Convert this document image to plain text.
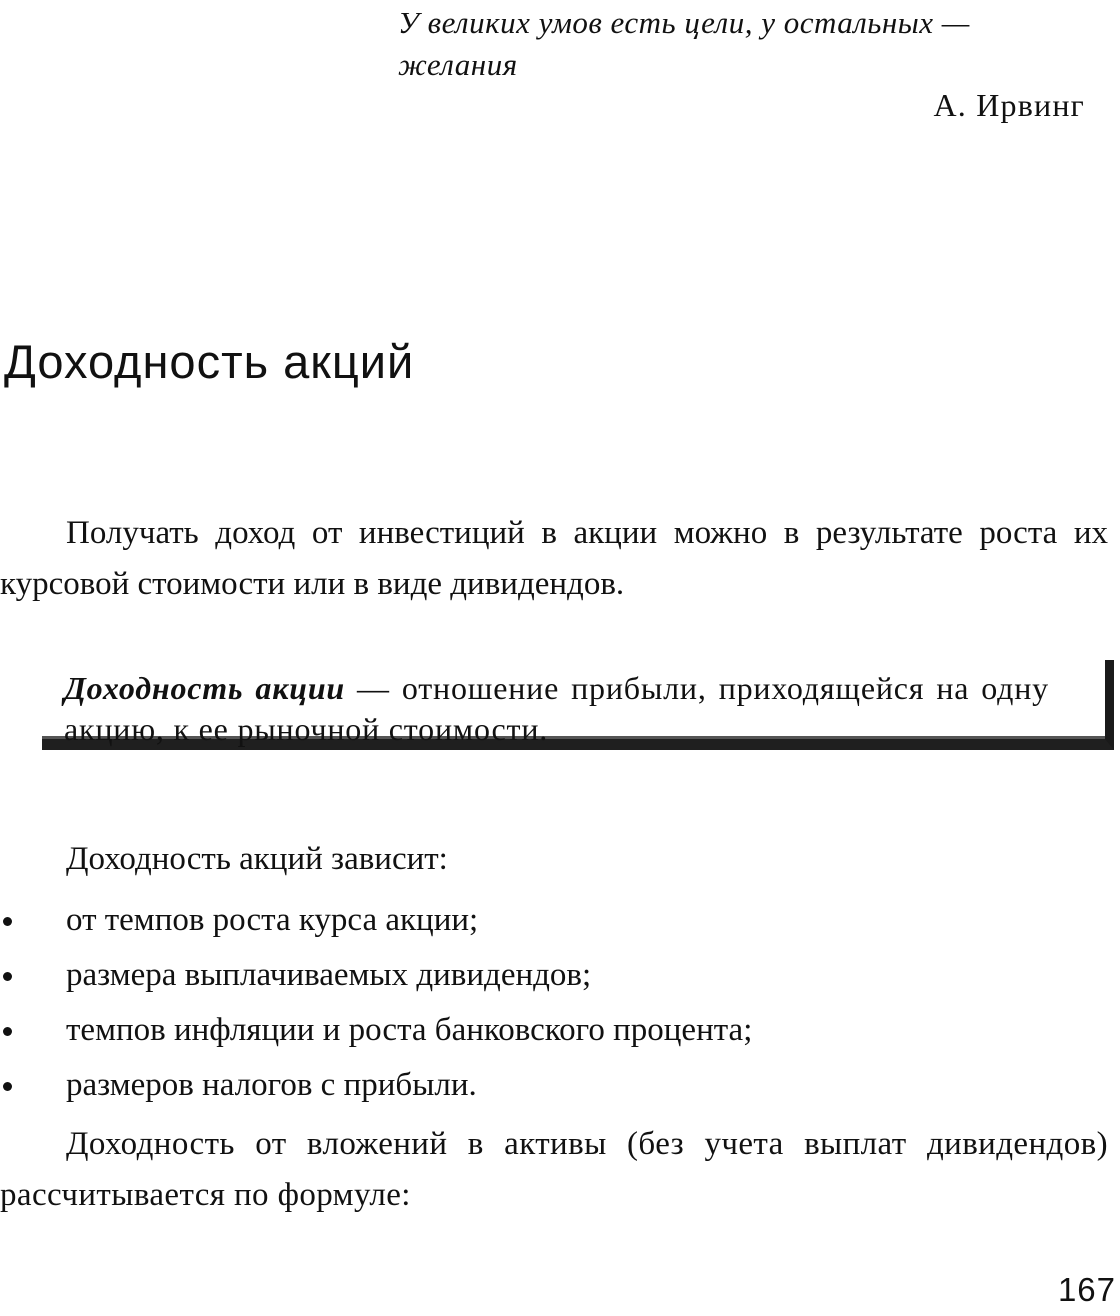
У великих умов есть цели, у остальных —
желания
А. Ирвинг
Доходность акций

Получать доход от инвестиций в акции можно в результате роста их курсовой стоимости или в виде дивидендов.

Доходность акции — отношение прибыли, приходящейся на одну акцию, к ее рыночной стоимости.

Доходность акций зависит:

от темпов роста курса акции;
размера выплачиваемых дивидендов;
темпов инфляции и роста банковского процента;
размеров налогов с прибыли.

Доходность от вложений в активы (без учета выплат дивидендов) рассчитывается по формуле:

167
